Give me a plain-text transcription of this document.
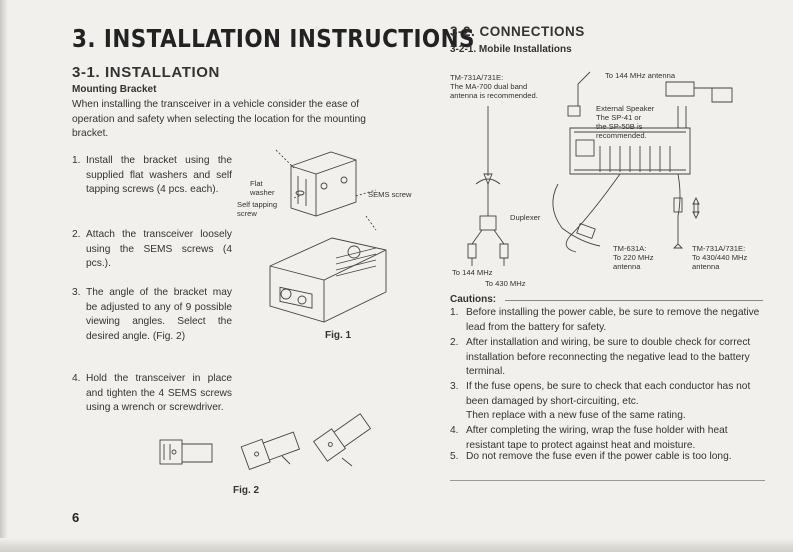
3. INSTALLATION INSTRUCTIONS
3-1. INSTALLATION
Mounting Bracket

When installing the transceiver in a vehicle consider the ease of operation and safety when selecting the location for the mounting bracket.

1. Install the bracket using the supplied flat washers and self tapping screws (4 pcs. each).
2. Attach the transceiver loosely using the SEMS screws (4 pcs.).
3. The angle of the bracket may be adjusted to any of 9 possible viewing angles. Select the desired angle. (Fig. 2)
4. Hold the transceiver in place and tighten the 4 SEMS screws using a wrench or screwdriver.

Flat
washer

Self tapping
screw

SEMS screw

Fig. 1

Fig. 2

6

3-2. CONNECTIONS
3-2-1. Mobile Installations

TM-731A/731E:
The MA-700 dual band
antenna is recommended.

To 144 MHz antenna

External Speaker
The SP-41 or
the SP-50B is
recommended.

Duplexer

To 144 MHz

To 430 MHz

TM-631A:
To 220 MHz
antenna

TM-731A/731E:
To 430/440 MHz
antenna

Cautions:

1. Before installing the power cable, be sure to remove the negative lead from the battery for safety.
2. After installation and wiring, be sure to double check for correct installation before reconnecting the negative lead to the battery terminal.
3. If the fuse opens, be sure to check that each conductor has not been damaged by short-circuiting, etc.
Then replace with a new fuse of the same rating.
4. After completing the wiring, wrap the fuse holder with heat resistant tape to protect against heat and moisture.
5. Do not remove the fuse even if the power cable is too long.
